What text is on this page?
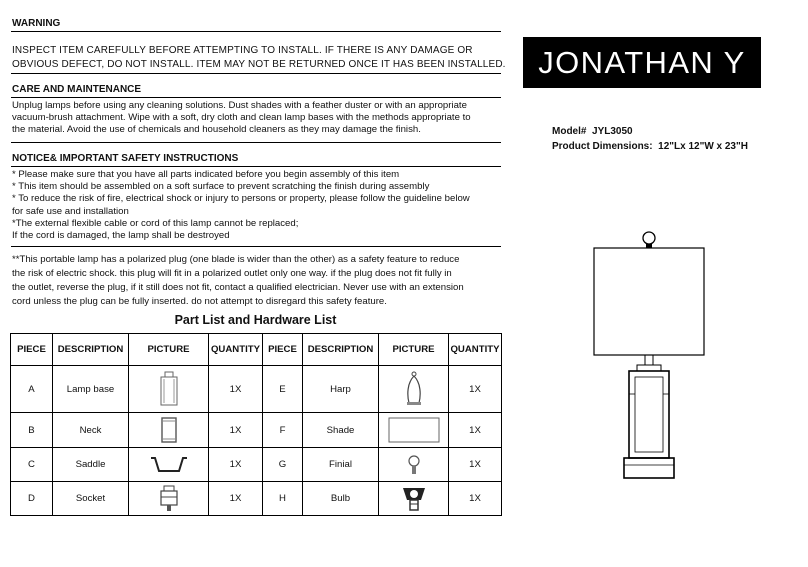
WARNING
INSPECT ITEM CAREFULLY BEFORE ATTEMPTING TO INSTALL. IF THERE IS ANY DAMAGE OR
OBVIOUS DEFECT, DO NOT INSTALL. ITEM MAY NOT BE RETURNED ONCE IT HAS BEEN INSTALLED.
CARE AND MAINTENANCE
Unplug lamps before using any cleaning solutions. Dust shades with a feather duster or with an appropriate
vacuum-brush attachment. Wipe with a soft, dry cloth and clean lamp bases with the methods appropriate to
the material. Avoid the use of chemicals and household cleaners as they may damage the finish.
NOTICE& IMPORTANT SAFETY INSTRUCTIONS
* Please make sure that you have all parts indicated before you begin assembly of this item
* This item should be assembled on a soft surface to prevent scratching the finish during assembly
* To reduce the risk of fire, electrical shock or injury to persons or property, please follow the guideline below
for safe use and installation
*The external flexible cable or cord of this lamp cannot be replaced;
If the cord is damaged, the lamp shall be destroyed
**This portable lamp has a polarized plug (one blade is wider than the other) as a safety feature to reduce
the risk of electric shock. this plug will fit in a polarized outlet only one way. if the plug does not fit fully in
the outlet, reverse the plug, if it still does not fit, contact a qualified electrician. Never use with an extension
cord unless the plug can be fully inserted. do not attempt to disregard this safety feature.
Part List and Hardware List
PIECE	DESCRIPTION	PICTURE	QUANTITY	PIECE	DESCRIPTION	PICTURE	QUANTITY
A	Lamp base		1X	E	Harp		1X
B	Neck		1X	F	Shade		1X
C	Saddle		1X	G	Finial		1X
D	Socket		1X	H	Bulb		1X
JONATHAN Y
Model# JYL3050
Product Dimensions: 12"Lx 12"W x 23"H
